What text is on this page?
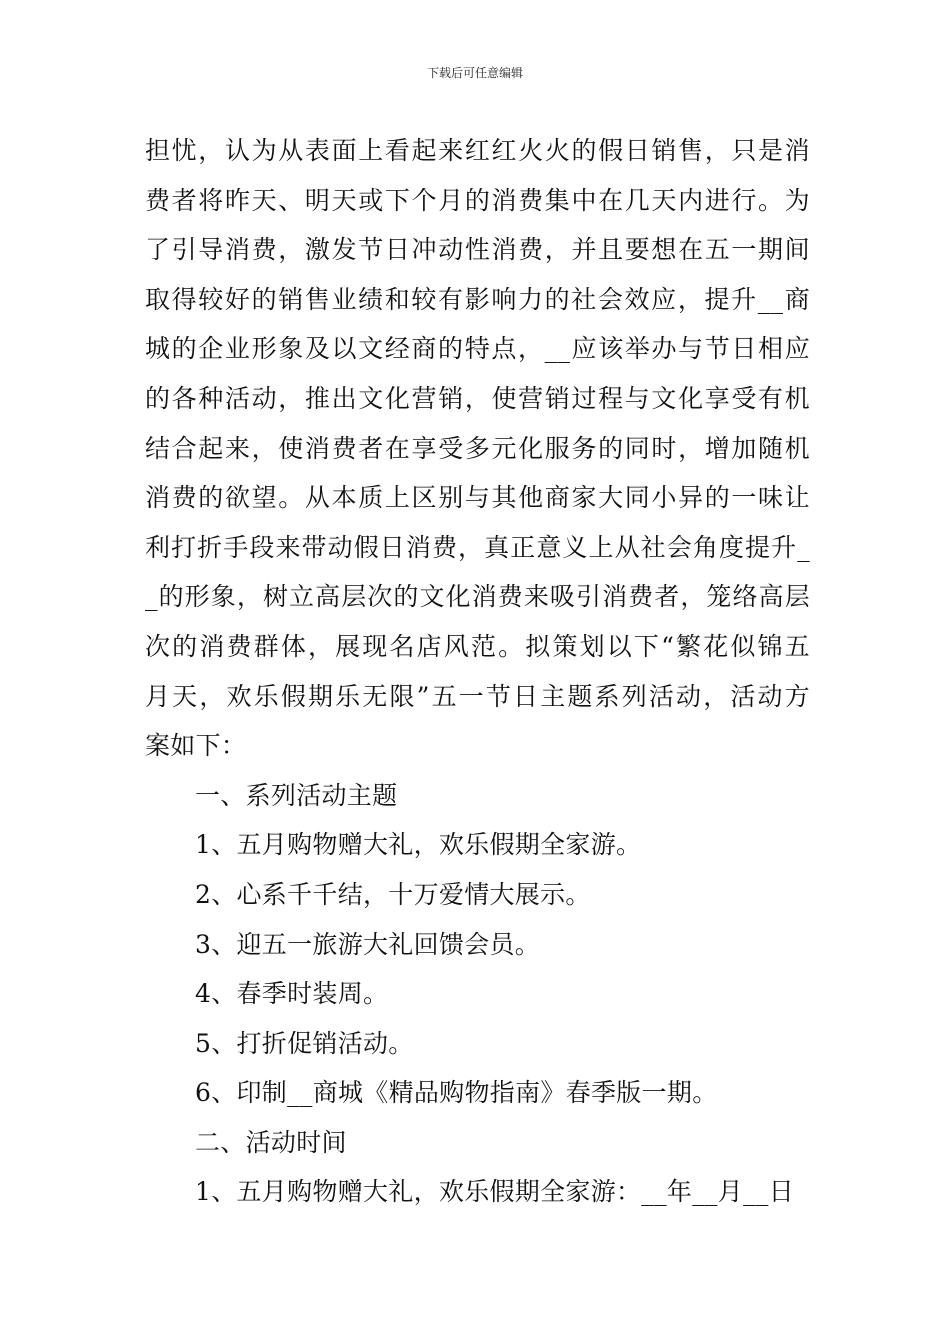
下载后可任意编辑
担忧，认为从表面上看起来红红火火的假日销售，只是消
费者将昨天、明天或下个月的消费集中在几天内进行。为
了引导消费，激发节日冲动性消费，并且要想在五一期间
取得较好的销售业绩和较有影响力的社会效应，提升__商
城的企业形象及以文经商的特点，__应该举办与节日相应
的各种活动，推出文化营销，使营销过程与文化享受有机
结合起来，使消费者在享受多元化服务的同时，增加随机
消费的欲望。从本质上区别与其他商家大同小异的一味让
利打折手段来带动假日消费，真正意义上从社会角度提升_
_的形象，树立高层次的文化消费来吸引消费者，笼络高层
次的消费群体，展现名店风范。拟策划以下“繁花似锦五
月天，欢乐假期乐无限”五一节日主题系列活动，活动方
案如下：
一、系列活动主题
1、五月购物赠大礼，欢乐假期全家游。
2、心系千千结，十万爱情大展示。
3、迎五一旅游大礼回馈会员。
4、春季时装周。
5、打折促销活动。
6、印制__商城《精品购物指南》春季版一期。
二、活动时间
1、五月购物赠大礼，欢乐假期全家游：__年__月__日
